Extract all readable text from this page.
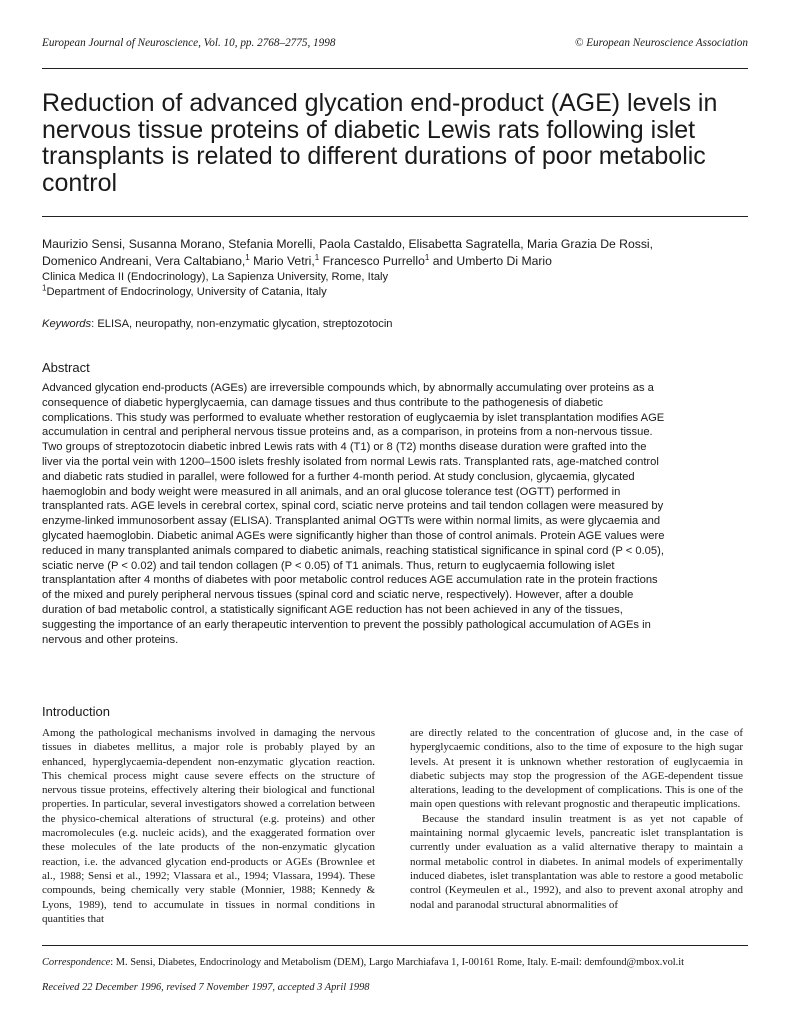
European Journal of Neuroscience, Vol. 10, pp. 2768–2775, 1998	© European Neuroscience Association
Reduction of advanced glycation end-product (AGE) levels in nervous tissue proteins of diabetic Lewis rats following islet transplants is related to different durations of poor metabolic control
Maurizio Sensi, Susanna Morano, Stefania Morelli, Paola Castaldo, Elisabetta Sagratella, Maria Grazia De Rossi,
Domenico Andreani, Vera Caltabiano,$^1$ Mario Vetri,$^1$ Francesco Purrello$^1$ and Umberto Di Mario
Clinica Medica II (Endocrinology), La Sapienza University, Rome, Italy
$^1$Department of Endocrinology, University of Catania, Italy
Keywords: ELISA, neuropathy, non-enzymatic glycation, streptozotocin
Abstract

Advanced glycation end-products (AGEs) are irreversible compounds which, by abnormally accumulating over proteins as a consequence of diabetic hyperglycaemia, can damage tissues and thus contribute to the pathogenesis of diabetic complications. This study was performed to evaluate whether restoration of euglycaemia by islet transplantation modifies AGE accumulation in central and peripheral nervous tissue proteins and, as a comparison, in proteins from a non-nervous tissue. Two groups of streptozotocin diabetic inbred Lewis rats with 4 (T1) or 8 (T2) months disease duration were grafted into the liver via the portal vein with 1200–1500 islets freshly isolated from normal Lewis rats. Transplanted rats, age-matched control and diabetic rats studied in parallel, were followed for a further 4-month period. At study conclusion, glycaemia, glycated haemoglobin and body weight were measured in all animals, and an oral glucose tolerance test (OGTT) performed in transplanted rats. AGE levels in cerebral cortex, spinal cord, sciatic nerve proteins and tail tendon collagen were measured by enzyme-linked immunosorbent assay (ELISA). Transplanted animal OGTTs were within normal limits, as were glycaemia and glycated haemoglobin. Diabetic animal AGEs were significantly higher than those of control animals. Protein AGE values were reduced in many transplanted animals compared to diabetic animals, reaching statistical significance in spinal cord (P < 0.05), sciatic nerve (P < 0.02) and tail tendon collagen (P < 0.05) of T1 animals. Thus, return to euglycaemia following islet transplantation after 4 months of diabetes with poor metabolic control reduces AGE accumulation rate in the protein fractions of the mixed and purely peripheral nervous tissues (spinal cord and sciatic nerve, respectively). However, after a double duration of bad metabolic control, a statistically significant AGE reduction has not been achieved in any of the tissues, suggesting the importance of an early therapeutic intervention to prevent the possibly pathological accumulation of AGEs in nervous and other proteins.

Introduction

Among the pathological mechanisms involved in damaging the nervous tissues in diabetes mellitus, a major role is probably played by an enhanced, hyperglycaemia-dependent non-enzymatic glycation reaction. This chemical process might cause severe effects on the structure of nervous tissue proteins, effectively altering their biological and functional properties. In particular, several investigators showed a correlation between the physico-chemical alterations of structural (e.g. proteins) and other macromolecules (e.g. nucleic acids), and the exaggerated formation over these molecules of the late products of the non-enzymatic glycation reaction, i.e. the advanced glycation end-products or AGEs (Brownlee et al., 1988; Sensi et al., 1992; Vlassara et al., 1994; Vlassara, 1994). These compounds, being chemically very stable (Monnier, 1988; Kennedy & Lyons, 1989), tend to accumulate in tissues in normal conditions in quantities that

are directly related to the concentration of glucose and, in the case of hyperglycaemic conditions, also to the time of exposure to the high sugar levels. At present it is unknown whether restoration of euglycaemia in diabetic subjects may stop the progression of the AGE-dependent tissue alterations, leading to the development of complications. This is one of the main open questions with relevant prognostic and therapeutic implications.

Because the standard insulin treatment is as yet not capable of maintaining normal glycaemic levels, pancreatic islet transplantation is currently under evaluation as a valid alternative therapy to maintain a normal metabolic control in diabetes. In animal models of experimentally induced diabetes, islet transplantation was able to restore a good metabolic control (Keymeulen et al., 1992), and also to prevent axonal atrophy and nodal and paranodal structural abnormalities of

Correspondence: M. Sensi, Diabetes, Endocrinology and Metabolism (DEM), Largo Marchiafava 1, I-00161 Rome, Italy. E-mail: demfound@mbox.vol.it
Received 22 December 1996, revised 7 November 1997, accepted 3 April 1998
